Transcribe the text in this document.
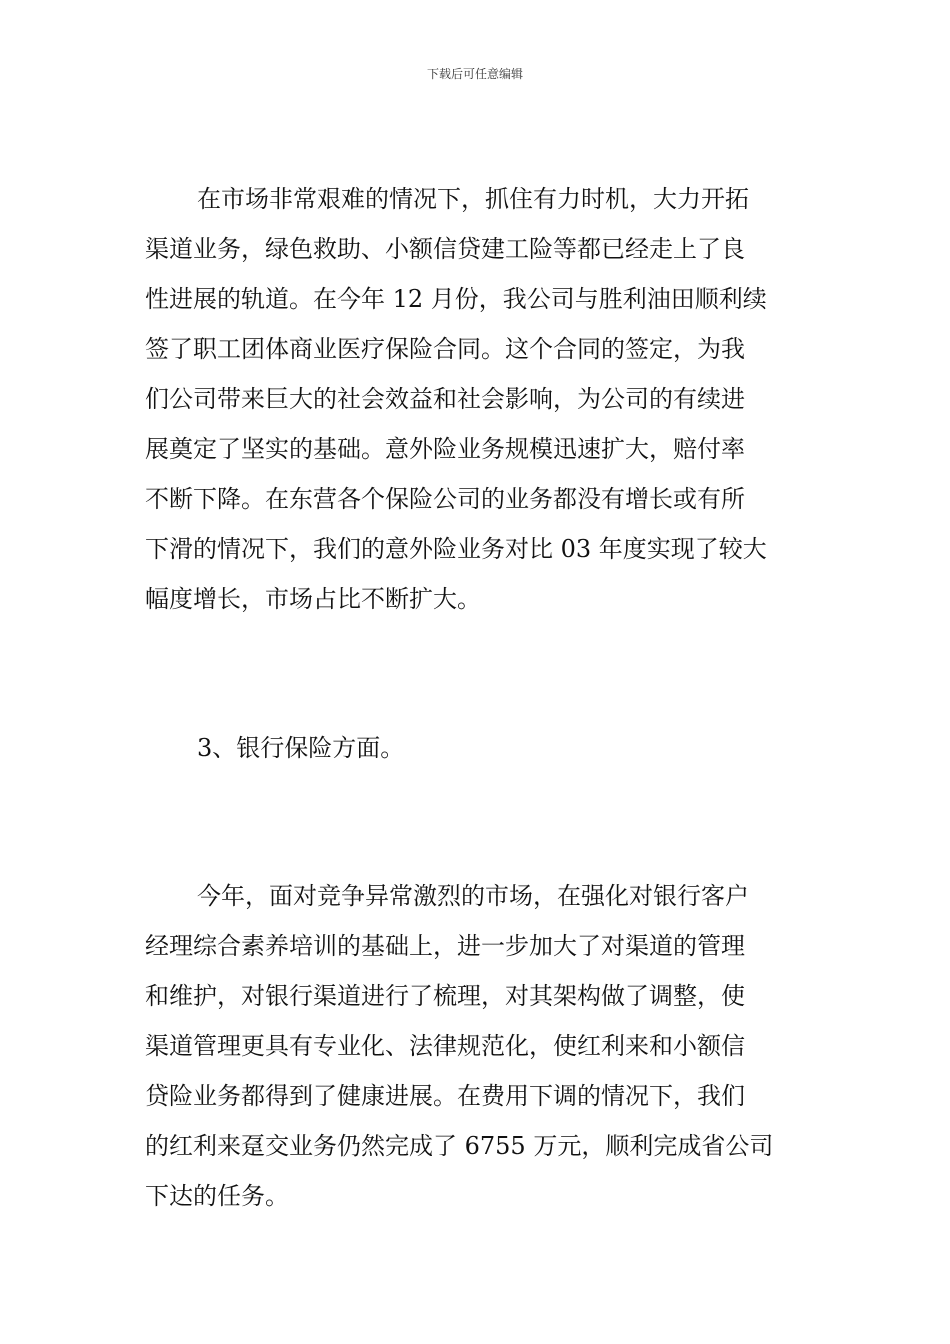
下载后可任意编辑
在市场非常艰难的情况下，抓住有力时机，大力开拓
渠道业务，绿色救助、小额信贷建工险等都已经走上了良
性进展的轨道。在今年 12 月份，我公司与胜利油田顺利续
签了职工团体商业医疗保险合同。这个合同的签定，为我
们公司带来巨大的社会效益和社会影响，为公司的有续进
展奠定了坚实的基础。意外险业务规模迅速扩大，赔付率
不断下降。在东营各个保险公司的业务都没有增长或有所
下滑的情况下，我们的意外险业务对比 03 年度实现了较大
幅度增长，市场占比不断扩大。
3、银行保险方面。
今年，面对竞争异常激烈的市场，在强化对银行客户
经理综合素养培训的基础上，进一步加大了对渠道的管理
和维护，对银行渠道进行了梳理，对其架构做了调整，使
渠道管理更具有专业化、法律规范化，使红利来和小额信
贷险业务都得到了健康进展。在费用下调的情况下，我们
的红利来趸交业务仍然完成了 6755 万元，顺利完成省公司
下达的任务。
